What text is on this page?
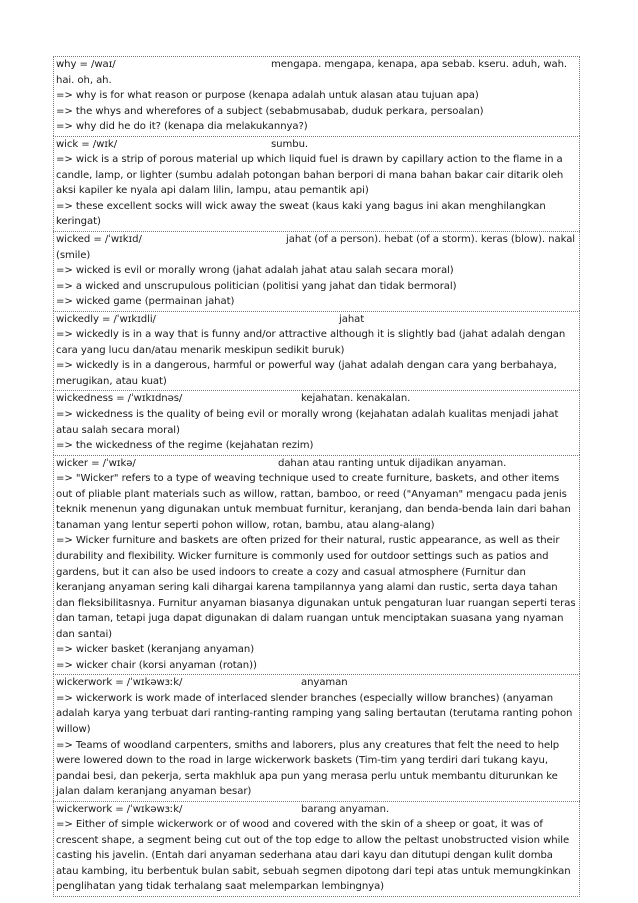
why = /waɪ/	mengapa. mengapa, kenapa, apa sebab. kseru. aduh, wah. hai. oh, ah.
=> why is for what reason or purpose (kenapa adalah untuk alasan atau tujuan apa)
=> the whys and wherefores of a subject (sebabmusabab, duduk perkara, persoalan)
=> why did he do it? (kenapa dia melakukannya?)
wick = /wɪk/	sumbu.
=> wick is a strip of porous material up which liquid fuel is drawn by capillary action to the flame in a candle, lamp, or lighter (sumbu adalah potongan bahan berpori di mana bahan bakar cair ditarik oleh aksi kapiler ke nyala api dalam lilin, lampu, atau pemantik api)
=> these excellent socks will wick away the sweat (kaus kaki yang bagus ini akan menghilangkan keringat)
wicked = /ˈwɪkɪd/	jahat (of a person). hebat (of a storm). keras (blow). nakal (smile)
=> wicked is evil or morally wrong (jahat adalah jahat atau salah secara moral)
=> a wicked and unscrupulous politician (politisi yang jahat dan tidak bermoral)
=> wicked game (permainan jahat)
wickedly = /ˈwɪkɪdli/	jahat
=> wickedly is in a way that is funny and/or attractive although it is slightly bad (jahat adalah dengan cara yang lucu dan/atau menarik meskipun sedikit buruk)
=> wickedly is in a dangerous, harmful or powerful way (jahat adalah dengan cara yang berbahaya, merugikan, atau kuat)
wickedness = /ˈwɪkɪdnəs/	kejahatan. kenakalan.
=> wickedness is the quality of being evil or morally wrong (kejahatan adalah kualitas menjadi jahat atau salah secara moral)
=> the wickedness of the regime (kejahatan rezim)
wicker = /ˈwɪkə/	dahan atau ranting untuk dijadikan anyaman.
=> "Wicker" refers to a type of weaving technique used to create furniture, baskets, and other items out of pliable plant materials such as willow, rattan, bamboo, or reed ("Anyaman" mengacu pada jenis teknik menenun yang digunakan untuk membuat furnitur, keranjang, dan benda-benda lain dari bahan tanaman yang lentur seperti pohon willow, rotan, bambu, atau alang-alang)
=> Wicker furniture and baskets are often prized for their natural, rustic appearance, as well as their durability and flexibility. Wicker furniture is commonly used for outdoor settings such as patios and gardens, but it can also be used indoors to create a cozy and casual atmosphere (Furnitur dan keranjang anyaman sering kali dihargai karena tampilannya yang alami dan rustic, serta daya tahan dan fleksibilitasnya. Furnitur anyaman biasanya digunakan untuk pengaturan luar ruangan seperti teras dan taman, tetapi juga dapat digunakan di dalam ruangan untuk menciptakan suasana yang nyaman dan santai)
=> wicker basket (keranjang anyaman)
=> wicker chair (korsi anyaman (rotan))
wickerwork = /ˈwɪkəwɜːk/	anyaman
=> wickerwork is work made of interlaced slender branches (especially willow branches) (anyaman adalah karya yang terbuat dari ranting-ranting ramping yang saling bertautan (terutama ranting pohon willow)
=> Teams of woodland carpenters, smiths and laborers, plus any creatures that felt the need to help were lowered down to the road in large wickerwork baskets (Tim-tim yang terdiri dari tukang kayu, pandai besi, dan pekerja, serta makhluk apa pun yang merasa perlu untuk membantu diturunkan ke jalan dalam keranjang anyaman besar)
wickerwork = /ˈwɪkəwɜːk/	barang anyaman.
=> Either of simple wickerwork or of wood and covered with the skin of a sheep or goat, it was of crescent shape, a segment being cut out of the top edge to allow the peltast unobstructed vision while casting his javelin. (Entah dari anyaman sederhana atau dari kayu dan ditutupi dengan kulit domba atau kambing, itu berbentuk bulan sabit, sebuah segmen dipotong dari tepi atas untuk memungkinkan penglihatan yang tidak terhalang saat melemparkan lembingnya)
